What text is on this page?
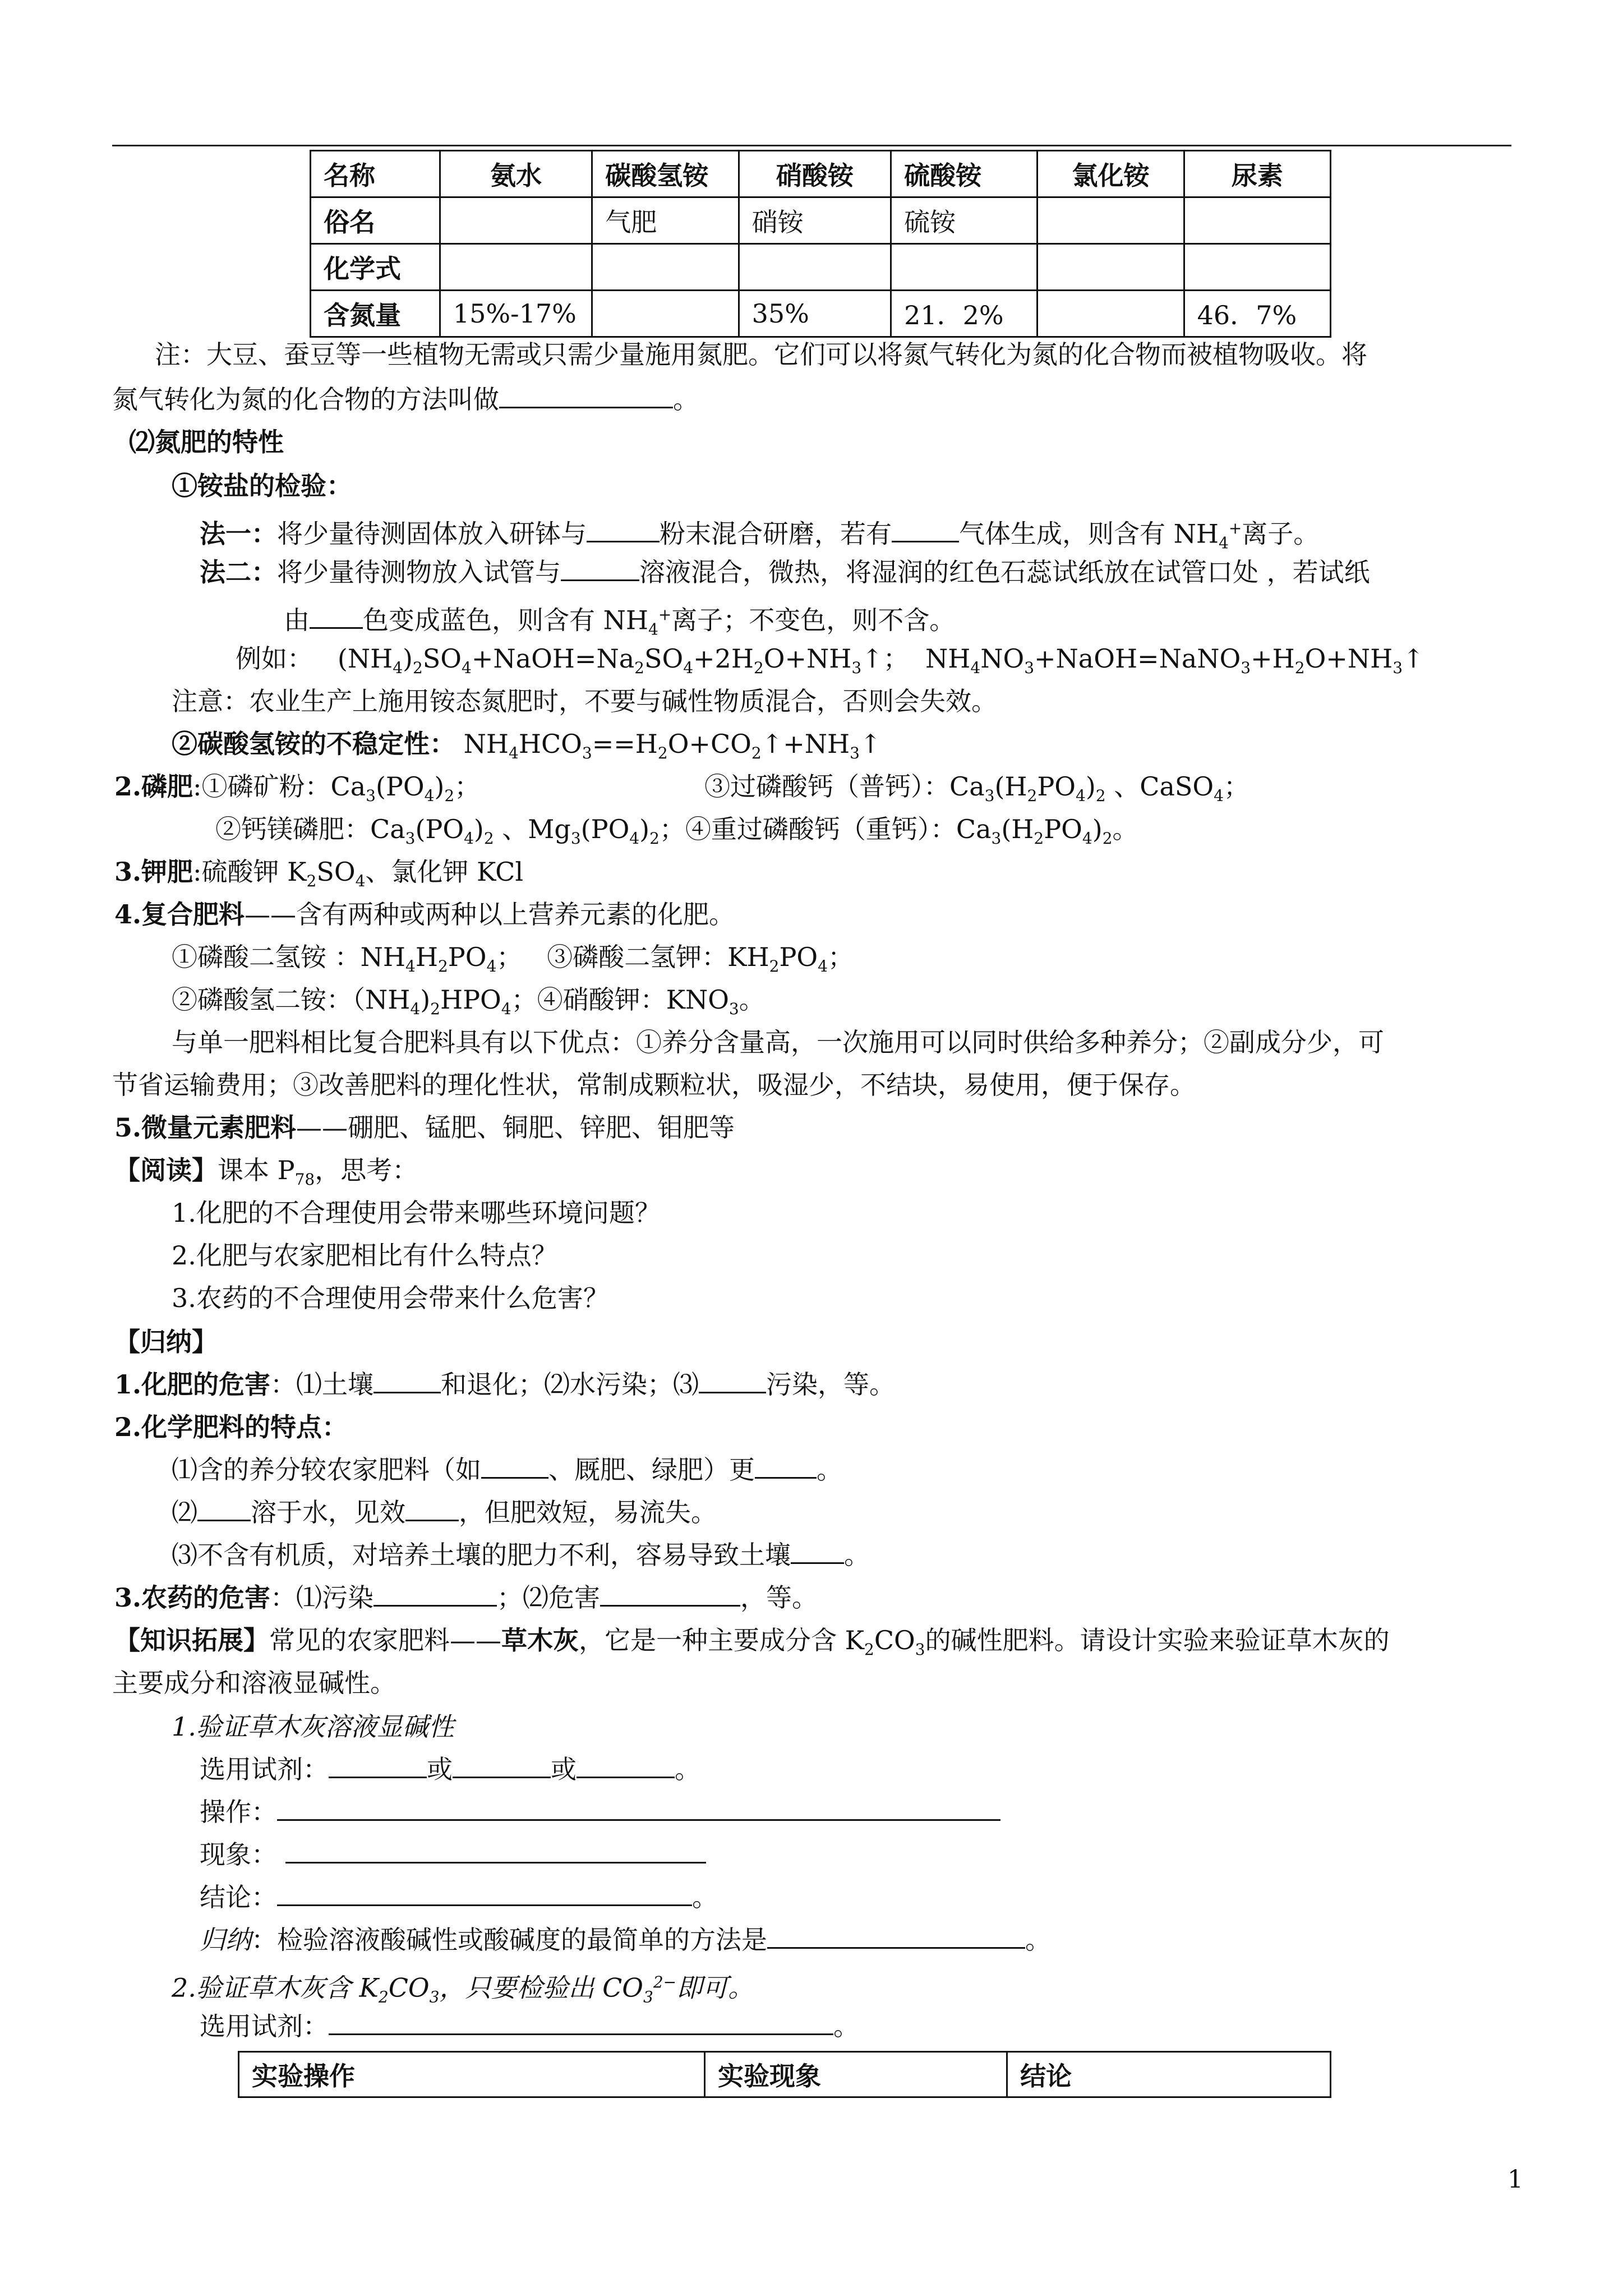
名称	氨水	碳酸氢铵	硝酸铵	硫酸铵	氯化铵	尿素
俗名		气肥	硝铵	硫铵		
化学式						
含氮量	15%-17%		35%	21．2%		46．7%
注：大豆、蚕豆等一些植物无需或只需少量施用氮肥。它们可以将氮气转化为氮的化合物而被植物吸收。将
氮气转化为氮的化合物的方法叫做	。
⑵氮肥的特性
①铵盐的检验：
法一：将少量待测固体放入研钵与	粉末混合研磨，若有	气体生成，则含有 $NH_4^+$离子。
法二：将少量待测物放入试管与	溶液混合，微热，将湿润的红色石蕊试纸放在试管口处 ，若试纸
由 色变成蓝色，则含有 $NH_4^+$离子；不变色，则不含。
例如：   $(NH_4)_2SO_4+NaOH=Na_2SO_4+2H_2O+NH_3↑$；  $NH_4NO_3+NaOH=NaNO_3+H_2O+NH_3↑$
注意：农业生产上施用铵态氮肥时，不要与碱性物质混合，否则会失效。
②碳酸氢铵的不稳定性： $NH_4HCO_3==H_2O+CO_2↑+NH_3↑$
2.磷肥:①磷矿粉：$Ca_3(PO_4)_2$；	③过磷酸钙（普钙）：$Ca_3(H_2PO_4)_2$ 、CaSO$_4$；
②钙镁磷肥：$Ca_3(PO_4)_2$ 、$Mg_3(PO_4)_2$；④重过磷酸钙（重钙）：$Ca_3(H_2PO_4)_2$。
3.钾肥:硫酸钾 $K_2SO_4$、氯化钾 KCl
4.复合肥料——含有两种或两种以上营养元素的化肥。
①磷酸二氢铵 ：$NH_4H_2PO_4$；   ③磷酸二氢钾：$KH_2PO_4$；
②磷酸氢二铵：$(NH_4)_2HPO_4$；④硝酸钾：$KNO_3$。
与单一肥料相比复合肥料具有以下优点：①养分含量高，一次施用可以同时供给多种养分；②副成分少，可
节省运输费用；③改善肥料的理化性状，常制成颗粒状，吸湿少，不结块，易使用，便于保存。
5.微量元素肥料——硼肥、锰肥、铜肥、锌肥、钼肥等
【阅读】课本 $P_{78}$，思考：
1.化肥的不合理使用会带来哪些环境问题？
2.化肥与农家肥相比有什么特点？
3.农药的不合理使用会带来什么危害？
【归纳】
1.化肥的危害：⑴土壤	和退化；⑵水污染；⑶	污染，等。
2.化学肥料的特点：
⑴含的养分较农家肥料（如	、厩肥、绿肥）更 。
⑵ 溶于水，见效 ，但肥效短，易流失。
⑶不含有机质，对培养土壤的肥力不利，容易导致土壤 。
3.农药的危害：⑴污染	；⑵危害	，等。
【知识拓展】常见的农家肥料——草木灰，它是一种主要成分含 $K_2CO_3$的碱性肥料。请设计实验来验证草木灰的
主要成分和溶液显碱性。
1.验证草木灰溶液显碱性
选用试剂：	或	或	。
操作：
现象：
结论：	。
归纳：检验溶液酸碱性或酸碱度的最简单的方法是	。
2.验证草木灰含 $K_2CO_3$，只要检验出 $CO_3^{2-}$即可。
选用试剂：	。
实验操作	实验现象	结论
1
